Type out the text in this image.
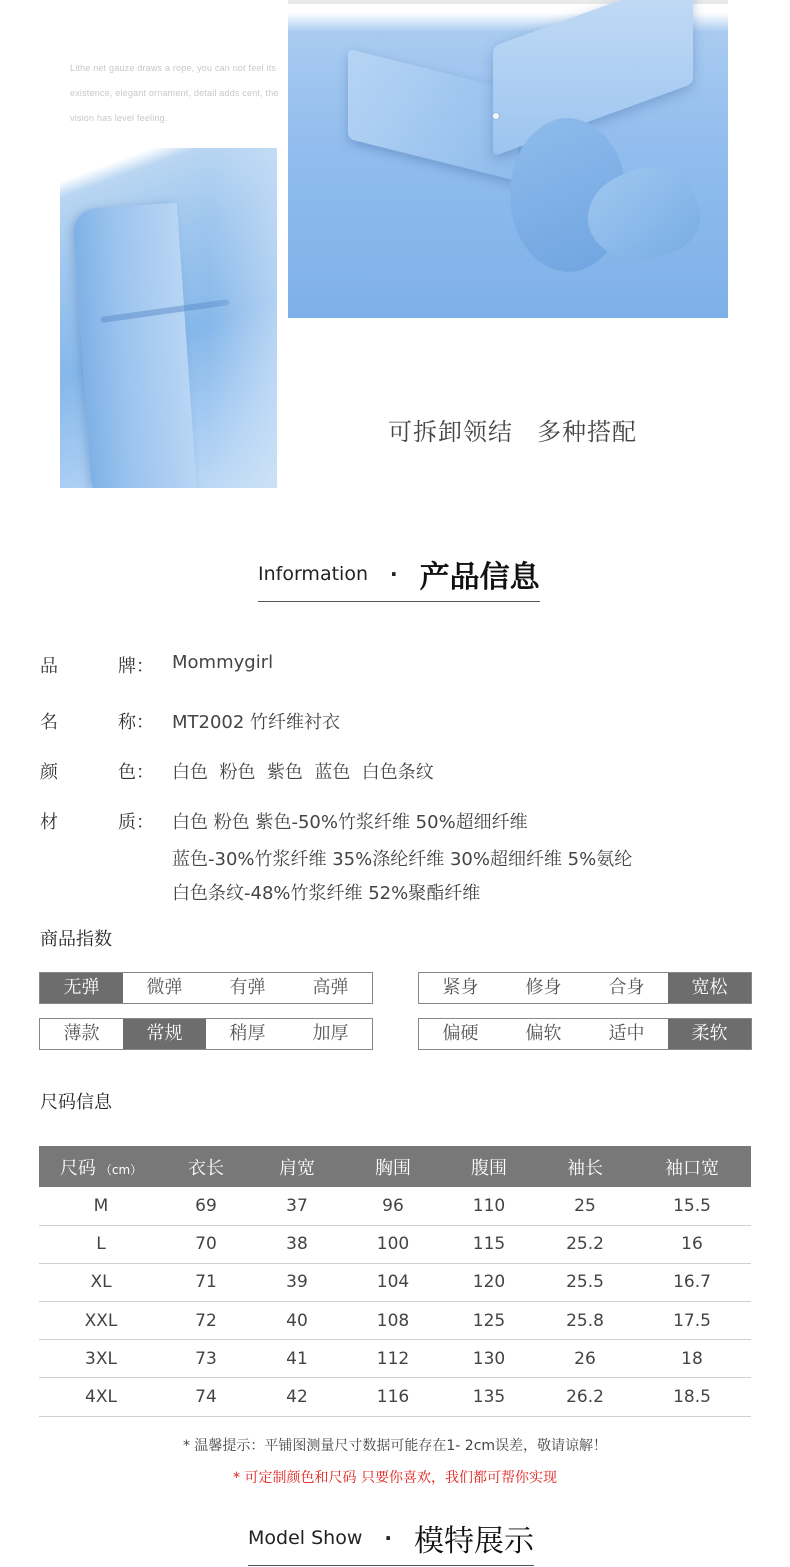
Lithe net gauze draws a rope, you can not feel its existence, elegant ornament, detail adds cent, the vision has level feeling.
可拆卸领结 多种搭配
Information · 产品信息
品	牌： Mommygirl
名	称： MT2002 竹纤维衬衣
颜	色： 白色  粉色  紫色  蓝色  白色条纹
材	质： 白色 粉色 紫色-50%竹浆纤维 50%超细纤维
蓝色-30%竹浆纤维 35%涤纶纤维 30%超细纤维 5%氨纶
白色条纹-48%竹浆纤维 52%聚酯纤维
商品指数
无弹	微弹	有弹	高弹	紧身	修身	合身	宽松
薄款	常规	稍厚	加厚	偏硬	偏软	适中	柔软
尺码信息
尺码 （cm）	衣长	肩宽	胸围	腹围	袖长	袖口宽
M	69	37	96	110	25	15.5
L	70	38	100	115	25.2	16
XL	71	39	104	120	25.5	16.7
XXL	72	40	108	125	25.8	17.5
3XL	73	41	112	130	26	18
4XL	74	42	116	135	26.2	18.5
* 温馨提示：平铺图测量尺寸数据可能存在1- 2cm误差，敬请谅解！
* 可定制颜色和尺码 只要你喜欢，我们都可帮你实现
Model Show · 模特展示
